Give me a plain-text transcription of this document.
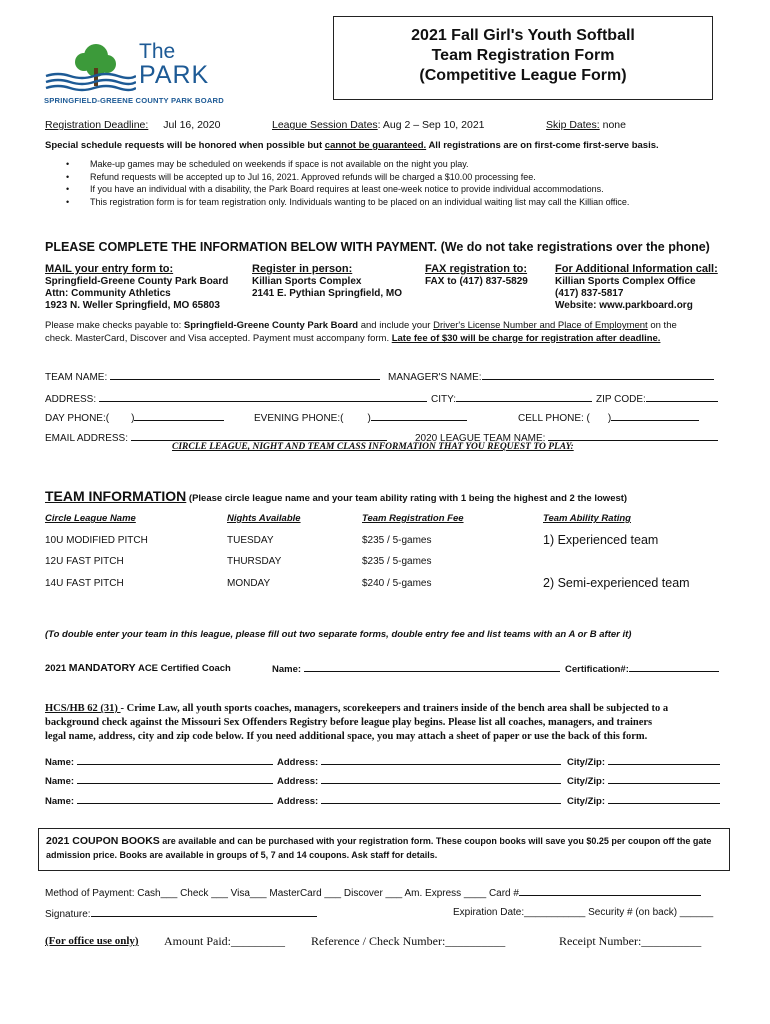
The
PARK
SPRINGFIELD-GREENE COUNTY PARK BOARD
2021 Fall Girl's Youth Softball
Team Registration Form
(Competitive League Form)
Registration Deadline: Jul 16, 2020	League Session Dates: Aug 2 – Sep 10, 2021	Skip Dates: none
Special schedule requests will be honored when possible but cannot be guaranteed. All registrations are on first-come first-serve basis.
• Make-up games may be scheduled on weekends if space is not available on the night you play.
• Refund requests will be accepted up to Jul 16, 2021. Approved refunds will be charged a $10.00 processing fee.
• If you have an individual with a disability, the Park Board requires at least one-week notice to provide individual accommodations.
• This registration form is for team registration only. Individuals wanting to be placed on an individual waiting list may call the Killian office.
PLEASE COMPLETE THE INFORMATION BELOW WITH PAYMENT. (We do not take registrations over the phone)
MAIL your entry form to:
Springfield-Greene County Park Board
Attn: Community Athletics
1923 N. Weller Springfield, MO 65803
Register in person:
Killian Sports Complex
2141 E. Pythian Springfield, MO
FAX registration to:
FAX to (417) 837-5829
For Additional Information call:
Killian Sports Complex Office
(417) 837-5817
Website: www.parkboard.org
Please make checks payable to: Springfield-Greene County Park Board and include your Driver's License Number and Place of Employment on the
check. MasterCard, Discover and Visa accepted. Payment must accompany form. Late fee of $30 will be charge for registration after deadline.
TEAM NAME:	MANAGER'S NAME:
ADDRESS:	CITY:	ZIP CODE:
DAY PHONE:( )	EVENING PHONE:( )	CELL PHONE: ( )
EMAIL ADDRESS:	2020 LEAGUE TEAM NAME:
CIRCLE LEAGUE, NIGHT AND TEAM CLASS INFORMATION THAT YOU REQUEST TO PLAY:
TEAM INFORMATION (Please circle league name and your team ability rating with 1 being the highest and 2 the lowest)
Circle League Name	Nights Available	Team Registration Fee	Team Ability Rating
10U MODIFIED PITCH	TUESDAY	$235 / 5-games	1) Experienced team
12U FAST PITCH	THURSDAY	$235 / 5-games
14U FAST PITCH	MONDAY	$240 / 5-games	2) Semi-experienced team
(To double enter your team in this league, please fill out two separate forms, double entry fee and list teams with an A or B after it)
2021 MANDATORY ACE Certified Coach	Name:	Certification#:
HCS/HB 62 (31) - Crime Law, all youth sports coaches, managers, scorekeepers and trainers inside of the bench area shall be subjected to a
background check against the Missouri Sex Offenders Registry before league play begins. Please list all coaches, managers, and trainers
legal name, address, city and zip code below. If you need additional space, you may attach a sheet of paper or use the back of this form.
Name:	Address:	City/Zip:
Name:	Address:	City/Zip:
Name:	Address:	City/Zip:
2021 COUPON BOOKS are available and can be purchased with your registration form. These coupon books will save you $0.25 per coupon off the gate admission price. Books are available in groups of 5, 7 and 14 coupons. Ask staff for details.
Method of Payment: Cash___ Check ___ Visa___ MasterCard ___ Discover ___ Am. Express ____ Card #
Signature:	Expiration Date:___________ Security # (on back) ______
(For office use only) Amount Paid:_________ Reference / Check Number:__________	Receipt Number:__________
